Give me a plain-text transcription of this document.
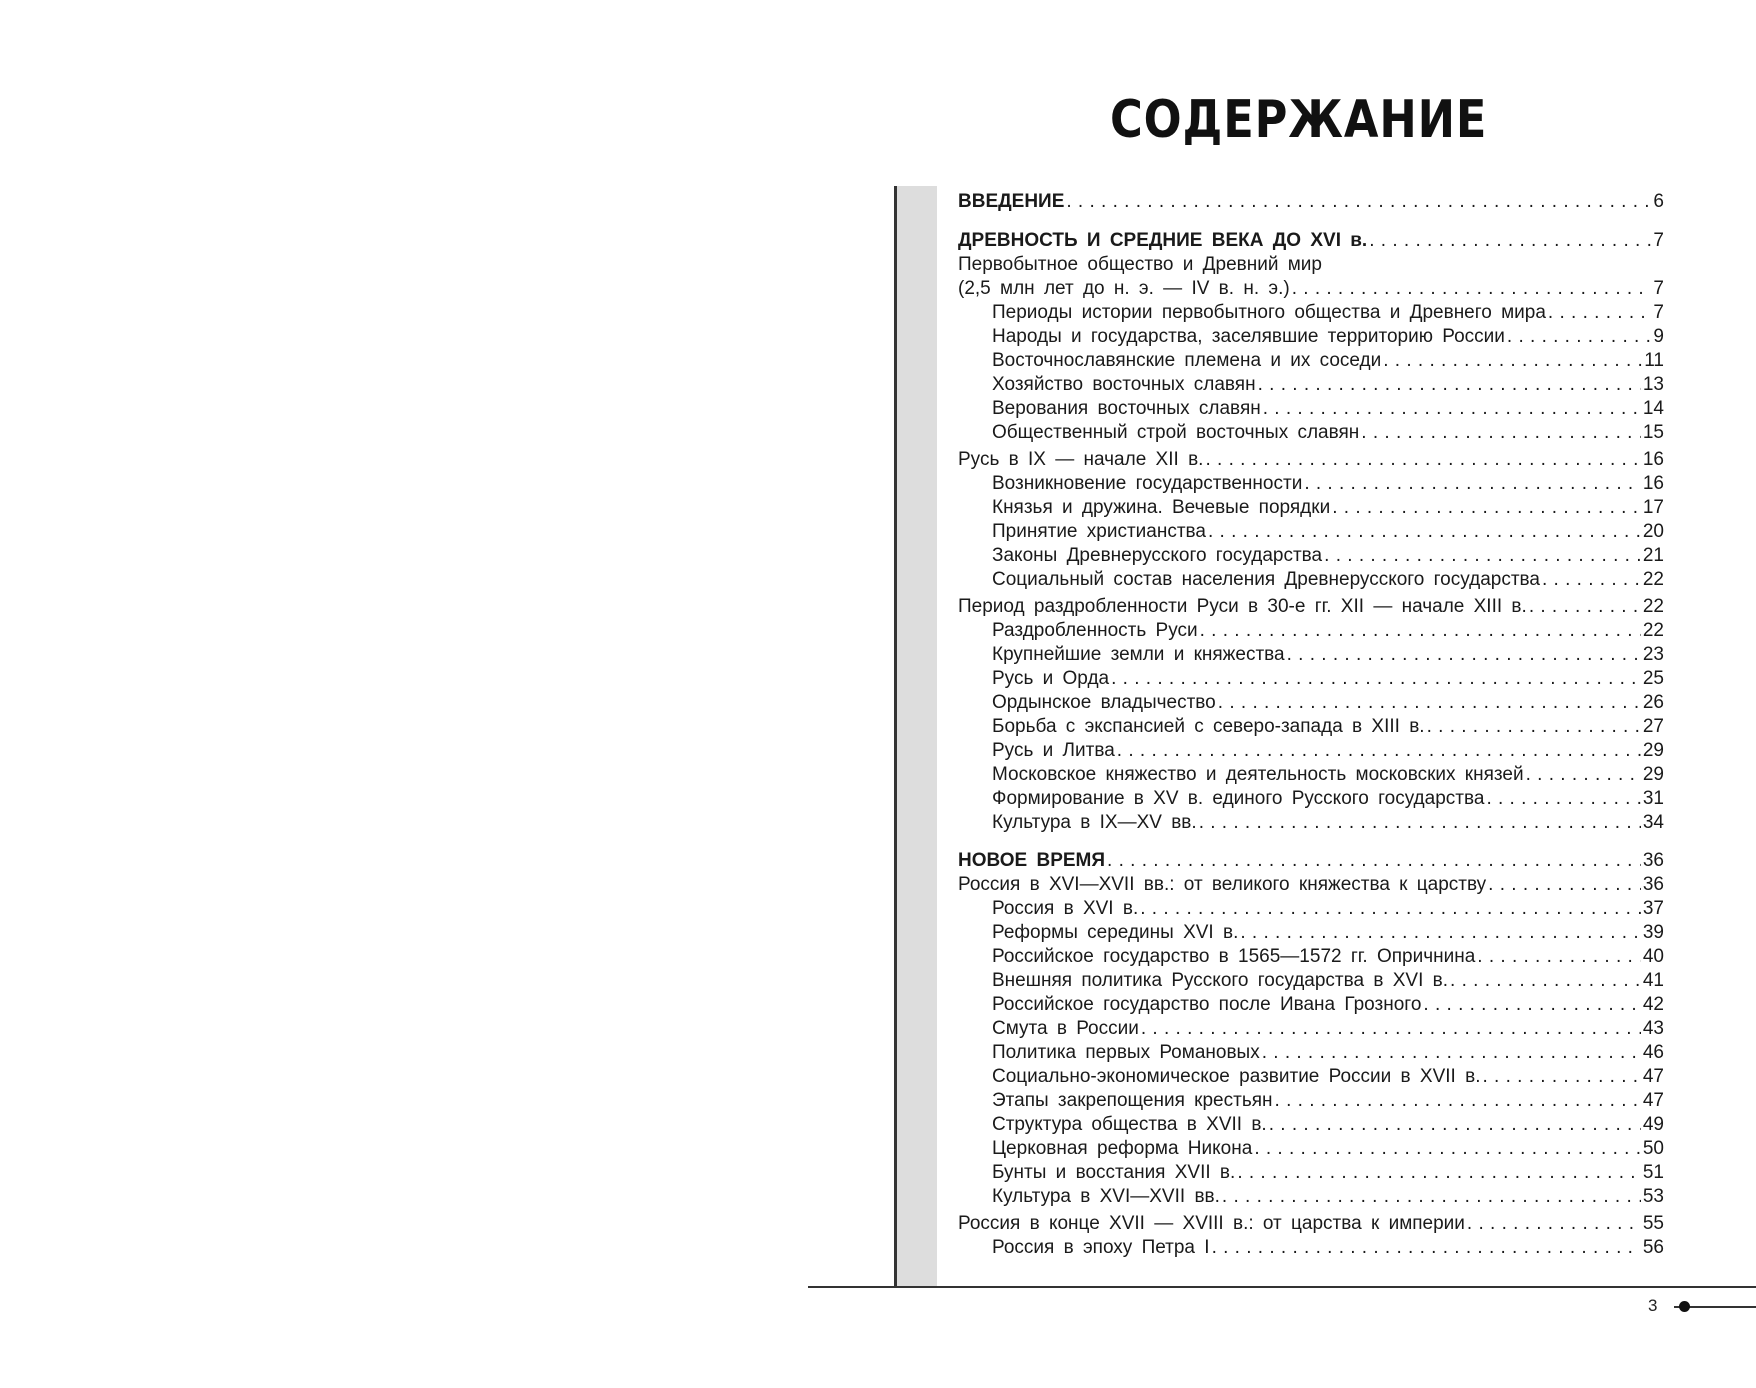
СОДЕРЖАНИЕ
ВВЕДЕНИЕ . . .	6
ДРЕВНОСТЬ И СРЕДНИЕ ВЕКА ДО XVI в. . . .	7
Первобытное общество и Древний мир
(2,5 млн лет до н. э. — IV в. н. э.) . . .	7
Периоды истории первобытного общества и Древнего мира . . .	7
Народы и государства, заселявшие территорию России . . .	9
Восточнославянские племена и их соседи . . .	11
Хозяйство восточных славян . . .	13
Верования восточных славян . . .	14
Общественный строй восточных славян . . .	15
Русь в IX — начале XII в. . . .	16
Возникновение государственности . . .	16
Князья и дружина. Вечевые порядки . . .	17
Принятие христианства . . .	20
Законы Древнерусского государства . . .	21
Социальный состав населения Древнерусского государства . . .	22
Период раздробленности Руси в 30-е гг. XII — начале XIII в. . . .	22
Раздробленность Руси . . .	22
Крупнейшие земли и княжества . . .	23
Русь и Орда . . .	25
Ордынское владычество . . .	26
Борьба с экспансией с северо-запада в XIII в. . . .	27
Русь и Литва . . .	29
Московское княжество и деятельность московских князей . . .	29
Формирование в XV в. единого Русского государства . . .	31
Культура в IX—XV вв. . . .	34
НОВОЕ ВРЕМЯ . . .	36
Россия в XVI—XVII вв.: от великого княжества к царству . . .	36
Россия в XVI в. . . .	37
Реформы середины XVI в. . . .	39
Российское государство в 1565—1572 гг. Опричнина . . .	40
Внешняя политика Русского государства в XVI в. . . .	41
Российское государство после Ивана Грозного . . .	42
Смута в России . . .	43
Политика первых Романовых . . .	46
Социально-экономическое развитие России в XVII в. . . .	47
Этапы закрепощения крестьян . . .	47
Структура общества в XVII в. . . .	49
Церковная реформа Никона . . .	50
Бунты и восстания XVII в. . . .	51
Культура в XVI—XVII вв. . . .	53
Россия в конце XVII — XVIII в.: от царства к империи . . .	55
Россия в эпоху Петра I . . .	56
3
